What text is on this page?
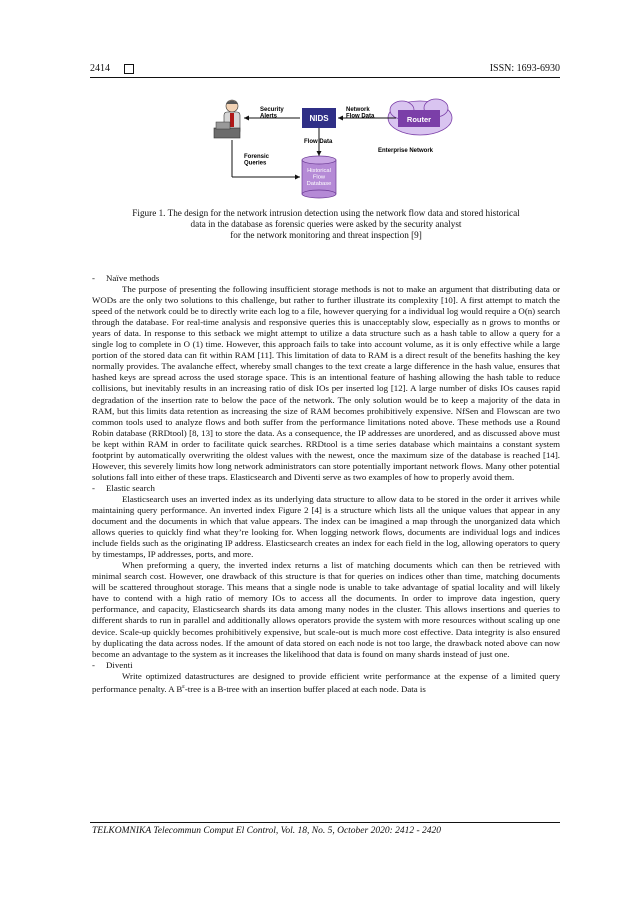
2414	ISSN: 1693-6930
Security Alerts	NIDS	Router
Network Flow Data
Enterprise Network
Flow Data
Historical Flow Database
Forensic Queries
Figure 1. The design for the network intrusion detection using the network flow data and stored historical
data in the database as forensic queries were asked by the security analyst
for the network monitoring and threat inspection [9]

- Naïve methods

The purpose of presenting the following insufficient storage methods is not to make an argument that distributing data or WODs are the only two solutions to this challenge, but rather to further illustrate its complexity [10]. A first attempt to match the speed of the network could be to directly write each log to a file, however querying for a individual log would require a O(n) search through the database. For real-time analysis and responsive queries this is unacceptably slow, especially as n grows to months or years of data. In response to this setback we might attempt to utilize a data structure such as a hash table to allow a query for a single log to complete in O (1) time. However, this approach fails to take into account volume, as it is only effective while a large portion of the stored data can fit within RAM [11]. This limitation of data to RAM is a direct result of the benefits hashing the key normally provides. The avalanche effect, whereby small changes to the text create a large difference in the hash value, ensures that hashed keys are spread across the used storage space. This is an intentional feature of hashing allowing the hash table to reduce collisions, but inevitably results in an increasing ratio of disk IOs per inserted log [12]. A large number of disks IOs causes rapid degradation of the insertion rate to below the pace of the network. The only solution would be to keep a majority of the data in RAM, but this limits data retention as increasing the size of RAM becomes prohibitively expensive. NfSen and Flowscan are two common tools used to analyze flows and both suffer from the performance limitations noted above. These methods use a Round Robin database (RRDtool) [8, 13] to store the data. As a consequence, the IP addresses are unordered, and as discussed above must be kept within RAM in order to facilitate quick searches. RRDtool is a time series database which maintains a constant system footprint by automatically overwriting the oldest values with the newest, once the maximum size of the database is reached [14]. However, this severely limits how long network administrators can store potentially important network flows. Many other potential solutions fall into either of these traps. Elasticsearch and Diventi serve as two examples of how to properly avoid them.

- Elastic search

Elasticsearch uses an inverted index as its underlying data structure to allow data to be stored in the order it arrives while maintaining query performance. An inverted index Figure 2 [4] is a structure which lists all the unique values that appear in any document and the documents in which that value appears. The index can be imagined a map through the unorganized data which allows queries to quickly find what they’re looking for. When logging network flows, documents are individual logs and indices include fields such as the originating IP address. Elasticsearch creates an index for each field in the log, allowing operators to query by timestamps, IP addresses, ports, and more.

When preforming a query, the inverted index returns a list of matching documents which can then be retrieved with minimal search cost. However, one drawback of this structure is that for queries on indices other than time, matching documents will be scattered throughout storage. This means that a single node is unable to take advantage of spatial locality and will likely have to contend with a high ratio of memory IOs to access all the documents. In order to improve data ingestion, query performance, and capacity, Elasticsearch shards its data among many nodes in the cluster. This allows insertions and queries to different shards to run in parallel and additionally allows operators provide the system with more resources without scaling up one device. Scale-up quickly becomes prohibitively expensive, but scale-out is much more cost effective. Data integrity is also ensured by duplicating the data across nodes. If the amount of data stored on each node is not too large, the drawback noted above can now become an advantage to the system as it increases the likelihood that data is found on many shards instead of just one.

- Diventi

Write optimized datastructures are designed to provide efficient write performance at the expense of a limited query performance penalty. A $B^\varepsilon$-tree is a B-tree with an insertion buffer placed at each node. Data is

TELKOMNIKA Telecommun Comput El Control, Vol. 18, No. 5, October 2020: 2412 - 2420
